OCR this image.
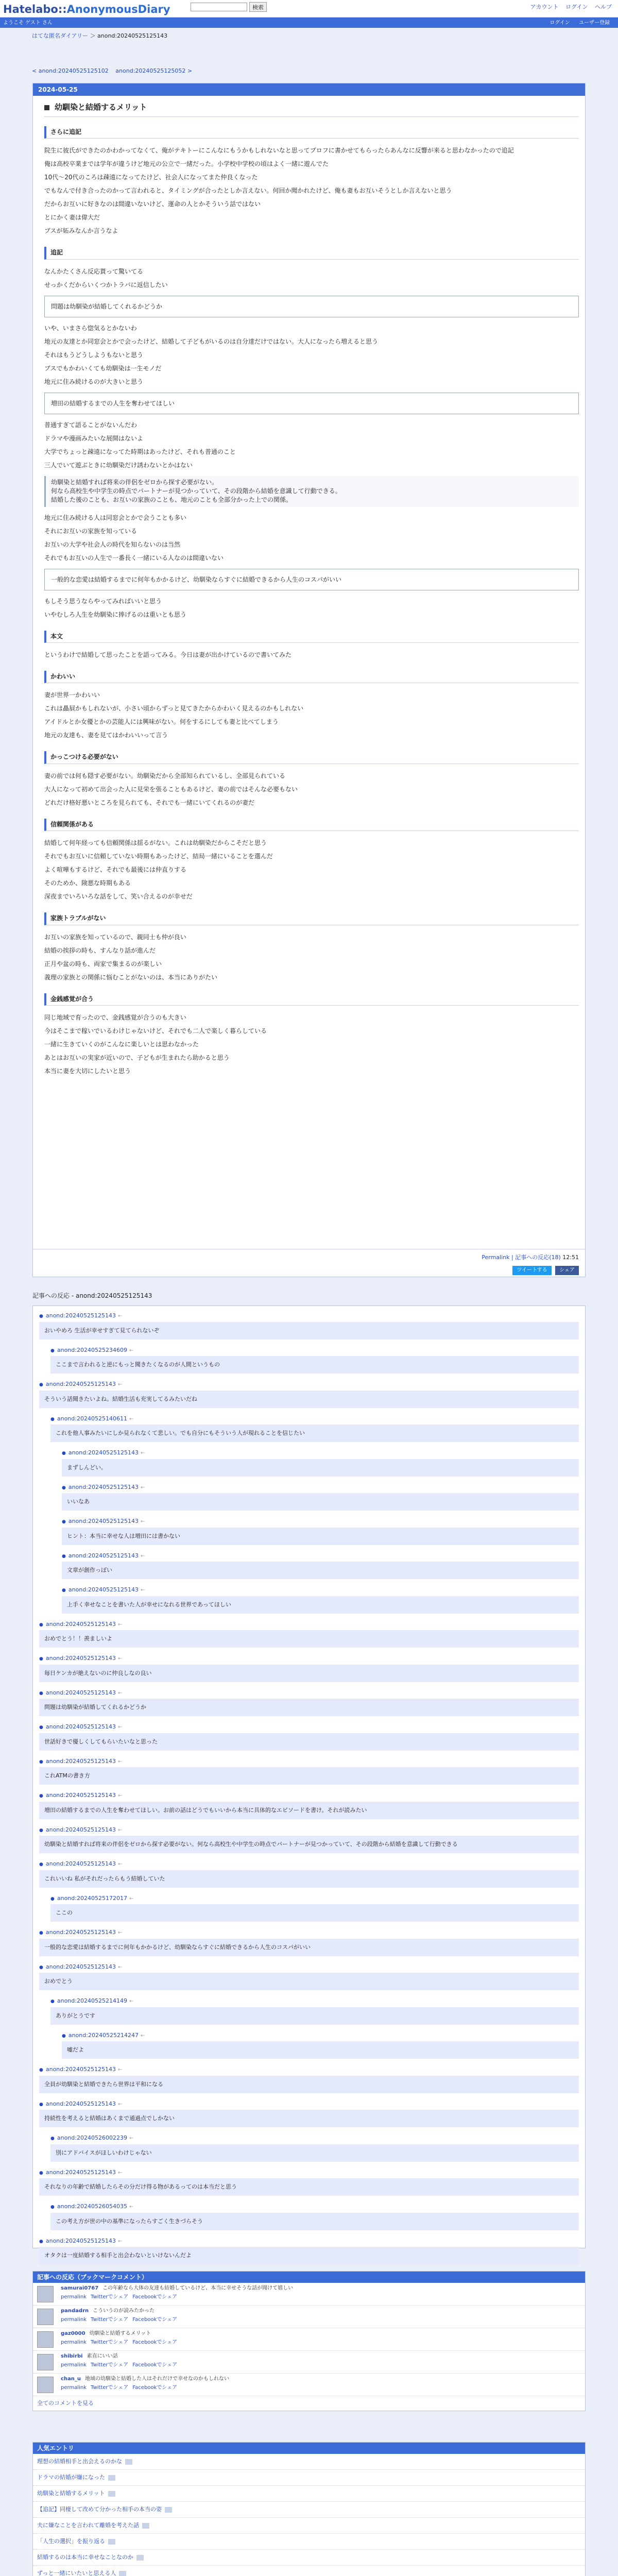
Hatelabo::AnonymousDiary	検索	アカウント ログイン ヘルプ
ようこそ ゲスト さん	ログイン ユーザー登録
はてな匿名ダイアリー ＞ anond:20240525125143
< anond:20240525125102 anond:20240525125052 >
2024-05-25
幼馴染と結婚するメリット
さらに追記
院生に彼氏ができたのかわかってなくて、俺がテキトーにこんなにもうかもしれないなと思ってプロフに書かせてもらったらあんなに反響が来ると思わなかったので追記
俺は高校卒業までは学年が違うけど地元の公立で一緒だった。小学校中学校の頃はよく一緒に遊んでた
10代〜20代のころは疎遠になってたけど、社会人になってまた仲良くなった
でもなんで付き合ったのかって言われると、タイミングが合ったとしか言えない。何回か聞かれたけど、俺も妻もお互いそうとしか言えないと思う
だからお互いに好きなのは間違いないけど、運命の人とかそういう話ではない
とにかく妻は偉大だ
ブスが妬みなんか言うなよ
追記
なんかたくさん反応貰って驚いてる
せっかくだからいくつかトラバに返信したい
問題は幼馴染が結婚してくれるかどうか
いや、いまさら惚気るとかないわ
地元の友達とか同窓会とかで会ったけど、結婚して子どもがいるのは自分達だけではない。大人になったら増えると思う
それはもうどうしようもないと思う
ブスでもかわいくても幼馴染は一生モノだ
地元に住み続けるのが大きいと思う
増田の結婚するまでの人生を奪わせてほしい
普通すぎて語ることがないんだわ
ドラマや漫画みたいな展開はないよ
大学でちょっと疎遠になってた時期はあったけど、それも普通のこと
三人でいて遊ぶときに幼馴染だけ誘わないとかはない
幼馴染と結婚すれば将来の伴侶をゼロから探す必要がない。
何なら高校生や中学生の時点でパートナーが見つかっていて、その段階から結婚を意識して行動できる。
結婚した後のことも、お互いの家族のことも、地元のことも全部分かった上での関係。
地元に住み続ける人は同窓会とかで会うことも多い
それにお互いの家族を知っている
お互いの大学や社会人の時代を知らないのは当然
それでもお互いの人生で一番長く一緒にいる人なのは間違いない
一般的な恋愛は結婚するまでに何年もかかるけど、幼馴染ならすぐに結婚できるから人生のコスパがいい
もしそう思うならやってみればいいと思う
いやむしろ人生を幼馴染に捧げるのは重いとも思う
本文
というわけで結婚して思ったことを語ってみる。今日は妻が出かけているので書いてみた
かわいい
妻が世界一かわいい
これは贔屓かもしれないが、小さい頃からずっと見てきたからかわいく見えるのかもしれない
アイドルとか女優とかの芸能人には興味がない。何をするにしても妻と比べてしまう
地元の友達も、妻を見てはかわいいって言う
かっこつける必要がない
妻の前では何も隠す必要がない。幼馴染だから全部知られているし、全部見られている
大人になって初めて出会った人に見栄を張ることもあるけど、妻の前ではそんな必要もない
どれだけ格好悪いところを見られても、それでも一緒にいてくれるのが妻だ
信頼関係がある
結婚して何年経っても信頼関係は揺るがない。これは幼馴染だからこそだと思う
それでもお互いに信頼していない時期もあったけど、結局一緒にいることを選んだ
よく喧嘩もするけど、それでも最後には仲直りする
そのためか、険悪な時期もある
深夜までいろいろな話をして、笑い合えるのが幸せだ
家族トラブルがない
お互いの家族を知っているので、親同士も仲が良い
結婚の挨拶の時も、すんなり話が進んだ
正月や盆の時も、両家で集まるのが楽しい
義理の家族との関係に悩むことがないのは、本当にありがたい
金銭感覚が合う
同じ地域で育ったので、金銭感覚が合うのも大きい
今はそこまで稼いでいるわけじゃないけど、それでも二人で楽しく暮らしている
一緒に生きていくのがこんなに楽しいとは思わなかった
あとはお互いの実家が近いので、子どもが生まれたら助かると思う
本当に妻を大切にしたいと思う
Permalink | 記事への反応(18) 12:51
ツイートする シェア
記事への反応 - anond:20240525125143
● anond:20240525125143 ←
おいやめろ 生活が幸せすぎて見てられないぞ
● anond:20240525234609 ←
ここまで言われると逆にもっと聞きたくなるのが人間というもの
● anond:20240525125143 ←
そういう話聞きたいよね。結婚生活も充実してるみたいだね
● anond:20240525140611 ←
これを他人事みたいにしか見られなくて悲しい。でも自分にもそういう人が現れることを信じたい
● anond:20240525125143 ←
まずしんどい。
● anond:20240525125143 ←
いいなあ
● anond:20240525125143 ←
ヒント：本当に幸せな人は増田には書かない
● anond:20240525125143 ←
文章が創作っぽい
● anond:20240525125143 ←
上手く幸せなことを書いた人が幸せになれる世界であってほしい
● anond:20240525125143 ←
おめでとう！！羨ましいよ
● anond:20240525125143 ←
毎日ケンカが絶えないのに仲良しなの良い
● anond:20240525125143 ←
問題は幼馴染が結婚してくれるかどうか
● anond:20240525125143 ←
世話好きで優しくしてもらいたいなと思った
● anond:20240525125143 ←
これATMの書き方
● anond:20240525125143 ←
増田の結婚するまでの人生を奪わせてほしい。お前の話はどうでもいいから本当に具体的なエピソードを書け。それが読みたい
● anond:20240525125143 ←
幼馴染と結婚すれば将来の伴侶をゼロから探す必要がない。何なら高校生や中学生の時点でパートナーが見つかっていて、その段階から結婚を意識して行動できる
● anond:20240525125143 ←
これいいね 私がそれだったらもう結婚していた
● anond:20240525172017 ←
ここの
● anond:20240525125143 ←
一般的な恋愛は結婚するまでに何年もかかるけど、幼馴染ならすぐに結婚できるから人生のコスパがいい
● anond:20240525125143 ←
おめでとう
● anond:20240525214149 ←
ありがとうです
● anond:20240525214247 ←
嘘だよ
● anond:20240525125143 ←
全員が幼馴染と結婚できたら世界は平和になる
● anond:20240525125143 ←
持続性を考えると結婚はあくまで通過点でしかない
● anond:20240526002239 ←
別にアドバイスがほしいわけじゃない
● anond:20240525125143 ←
それなりの年齢で結婚したらその分だけ得る物があるってのは本当だと思う
● anond:20240526054035 ←
この考え方が世の中の基準になったらすごく生きづらそう
● anond:20240525125143 ←
オタクは一度結婚する相手と出会わないといけないんだよ
記事への反応（ブックマークコメント）
samurai0767 この年齢なら大体の友達も結婚しているけど、本当に幸せそうな話が聞けて嬉しい
permalink Twitterでシェア Facebookでシェア
pandadrn こういうのが読みたかった
permalink Twitterでシェア Facebookでシェア
gaz0000 幼馴染と結婚するメリット
permalink Twitterでシェア Facebookでシェア
shibirbi 素直にいい話
permalink Twitterでシェア Facebookでシェア
chan_u 地域の幼馴染と結婚した人はそれだけで幸せなのかもしれない
permalink Twitterでシェア Facebookでシェア
全てのコメントを見る
人気エントリ
理想の結婚相手と出会えるのかな
ドラマの結婚が嫌になった
幼馴染と結婚するメリット
【追記】同棲して改めて分かった相手の本当の姿
夫に嫌なことを言われて離婚を考えた話
「人生の選択」を振り返る
結婚するのは本当に幸せなことなのか
ずっと一緒にいたいと思える人
